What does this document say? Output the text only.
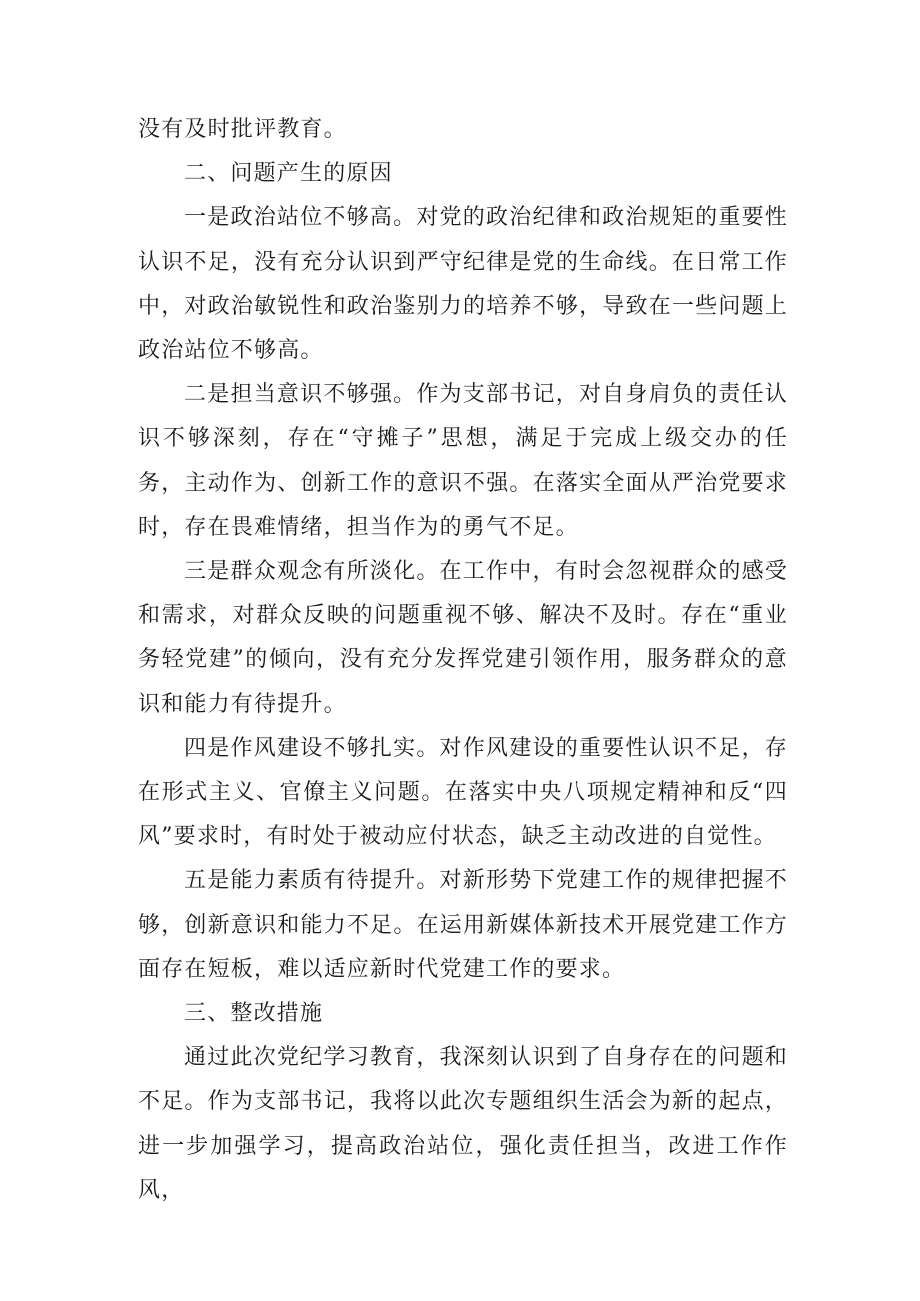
没有及时批评教育。

二、问题产生的原因

一是政治站位不够高。对党的政治纪律和政治规矩的重要性认识不足，没有充分认识到严守纪律是党的生命线。在日常工作中，对政治敏锐性和政治鉴别力的培养不够，导致在一些问题上政治站位不够高。

二是担当意识不够强。作为支部书记，对自身肩负的责任认识不够深刻，存在“守摊子”思想，满足于完成上级交办的任务，主动作为、创新工作的意识不强。在落实全面从严治党要求时，存在畏难情绪，担当作为的勇气不足。

三是群众观念有所淡化。在工作中，有时会忽视群众的感受和需求，对群众反映的问题重视不够、解决不及时。存在“重业务轻党建”的倾向，没有充分发挥党建引领作用，服务群众的意识和能力有待提升。

四是作风建设不够扎实。对作风建设的重要性认识不足，存在形式主义、官僚主义问题。在落实中央八项规定精神和反“四风”要求时，有时处于被动应付状态，缺乏主动改进的自觉性。

五是能力素质有待提升。对新形势下党建工作的规律把握不够，创新意识和能力不足。在运用新媒体新技术开展党建工作方面存在短板，难以适应新时代党建工作的要求。

三、整改措施

通过此次党纪学习教育，我深刻认识到了自身存在的问题和不足。作为支部书记，我将以此次专题组织生活会为新的起点，进一步加强学习，提高政治站位，强化责任担当，改进工作作风，
